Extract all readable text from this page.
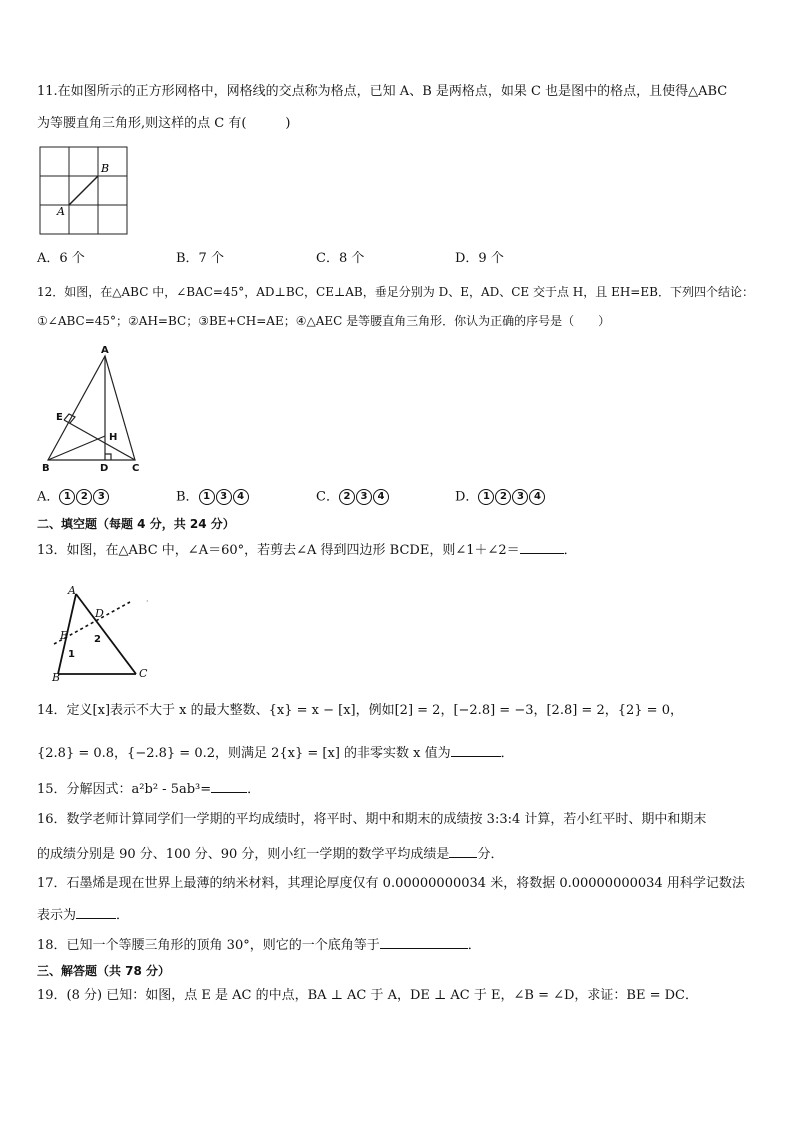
11.在如图所示的正方形网格中，网格线的交点称为格点，已知 A、B 是两格点，如果 C 也是图中的格点，且使得△ABC
为等腰直角三角形,则这样的点 C 有(　　　)
A
B
A．6 个	B．7 个	C．8 个	D．9 个
12．如图，在△ABC 中，∠BAC=45°，AD⊥BC，CE⊥AB，垂足分别为 D、E，AD、CE 交于点 H，且 EH=EB．下列四个结论：
①∠ABC=45°；②AH=BC；③BE+CH=AE；④△AEC 是等腰直角三角形．你认为正确的序号是（　　）
A
B	C
D
E
H
A． 1 2 3	B． 1 3 4	C． 2 3 4	D． 1 2 3 4
二、填空题（每题 4 分，共 24 分）
13．如图，在△ABC 中，∠A＝60°，若剪去∠A 得到四边形 BCDE，则∠1＋∠2＝	．
·
A
B	C
D
E
1
2
14．定义[x]表示不大于 x 的最大整数、{x} = x − [x]，例如[2] = 2，[−2.8] = −3，[2.8] = 2，{2} = 0，
{2.8} = 0.8，{−2.8} = 0.2，则满足 2{x} = [x] 的非零实数 x 值为	．
15．分解因式：a²b² - 5ab³=	．
16．数学老师计算同学们一学期的平均成绩时，将平时、期中和期末的成绩按 3:3:4 计算，若小红平时、期中和期末
的成绩分别是 90 分、100 分、90 分，则小红一学期的数学平均成绩是 分．
17．石墨烯是现在世界上最薄的纳米材料，其理论厚度仅有 0.00000000034 米，将数据 0.00000000034 用科学记数法
表示为	．
18．已知一个等腰三角形的顶角 30°，则它的一个底角等于	．
三、解答题（共 78 分）
19．(8 分) 已知：如图，点 E 是 AC 的中点，BA ⊥ AC 于 A，DE ⊥ AC 于 E，∠B = ∠D，求证：BE = DC．
